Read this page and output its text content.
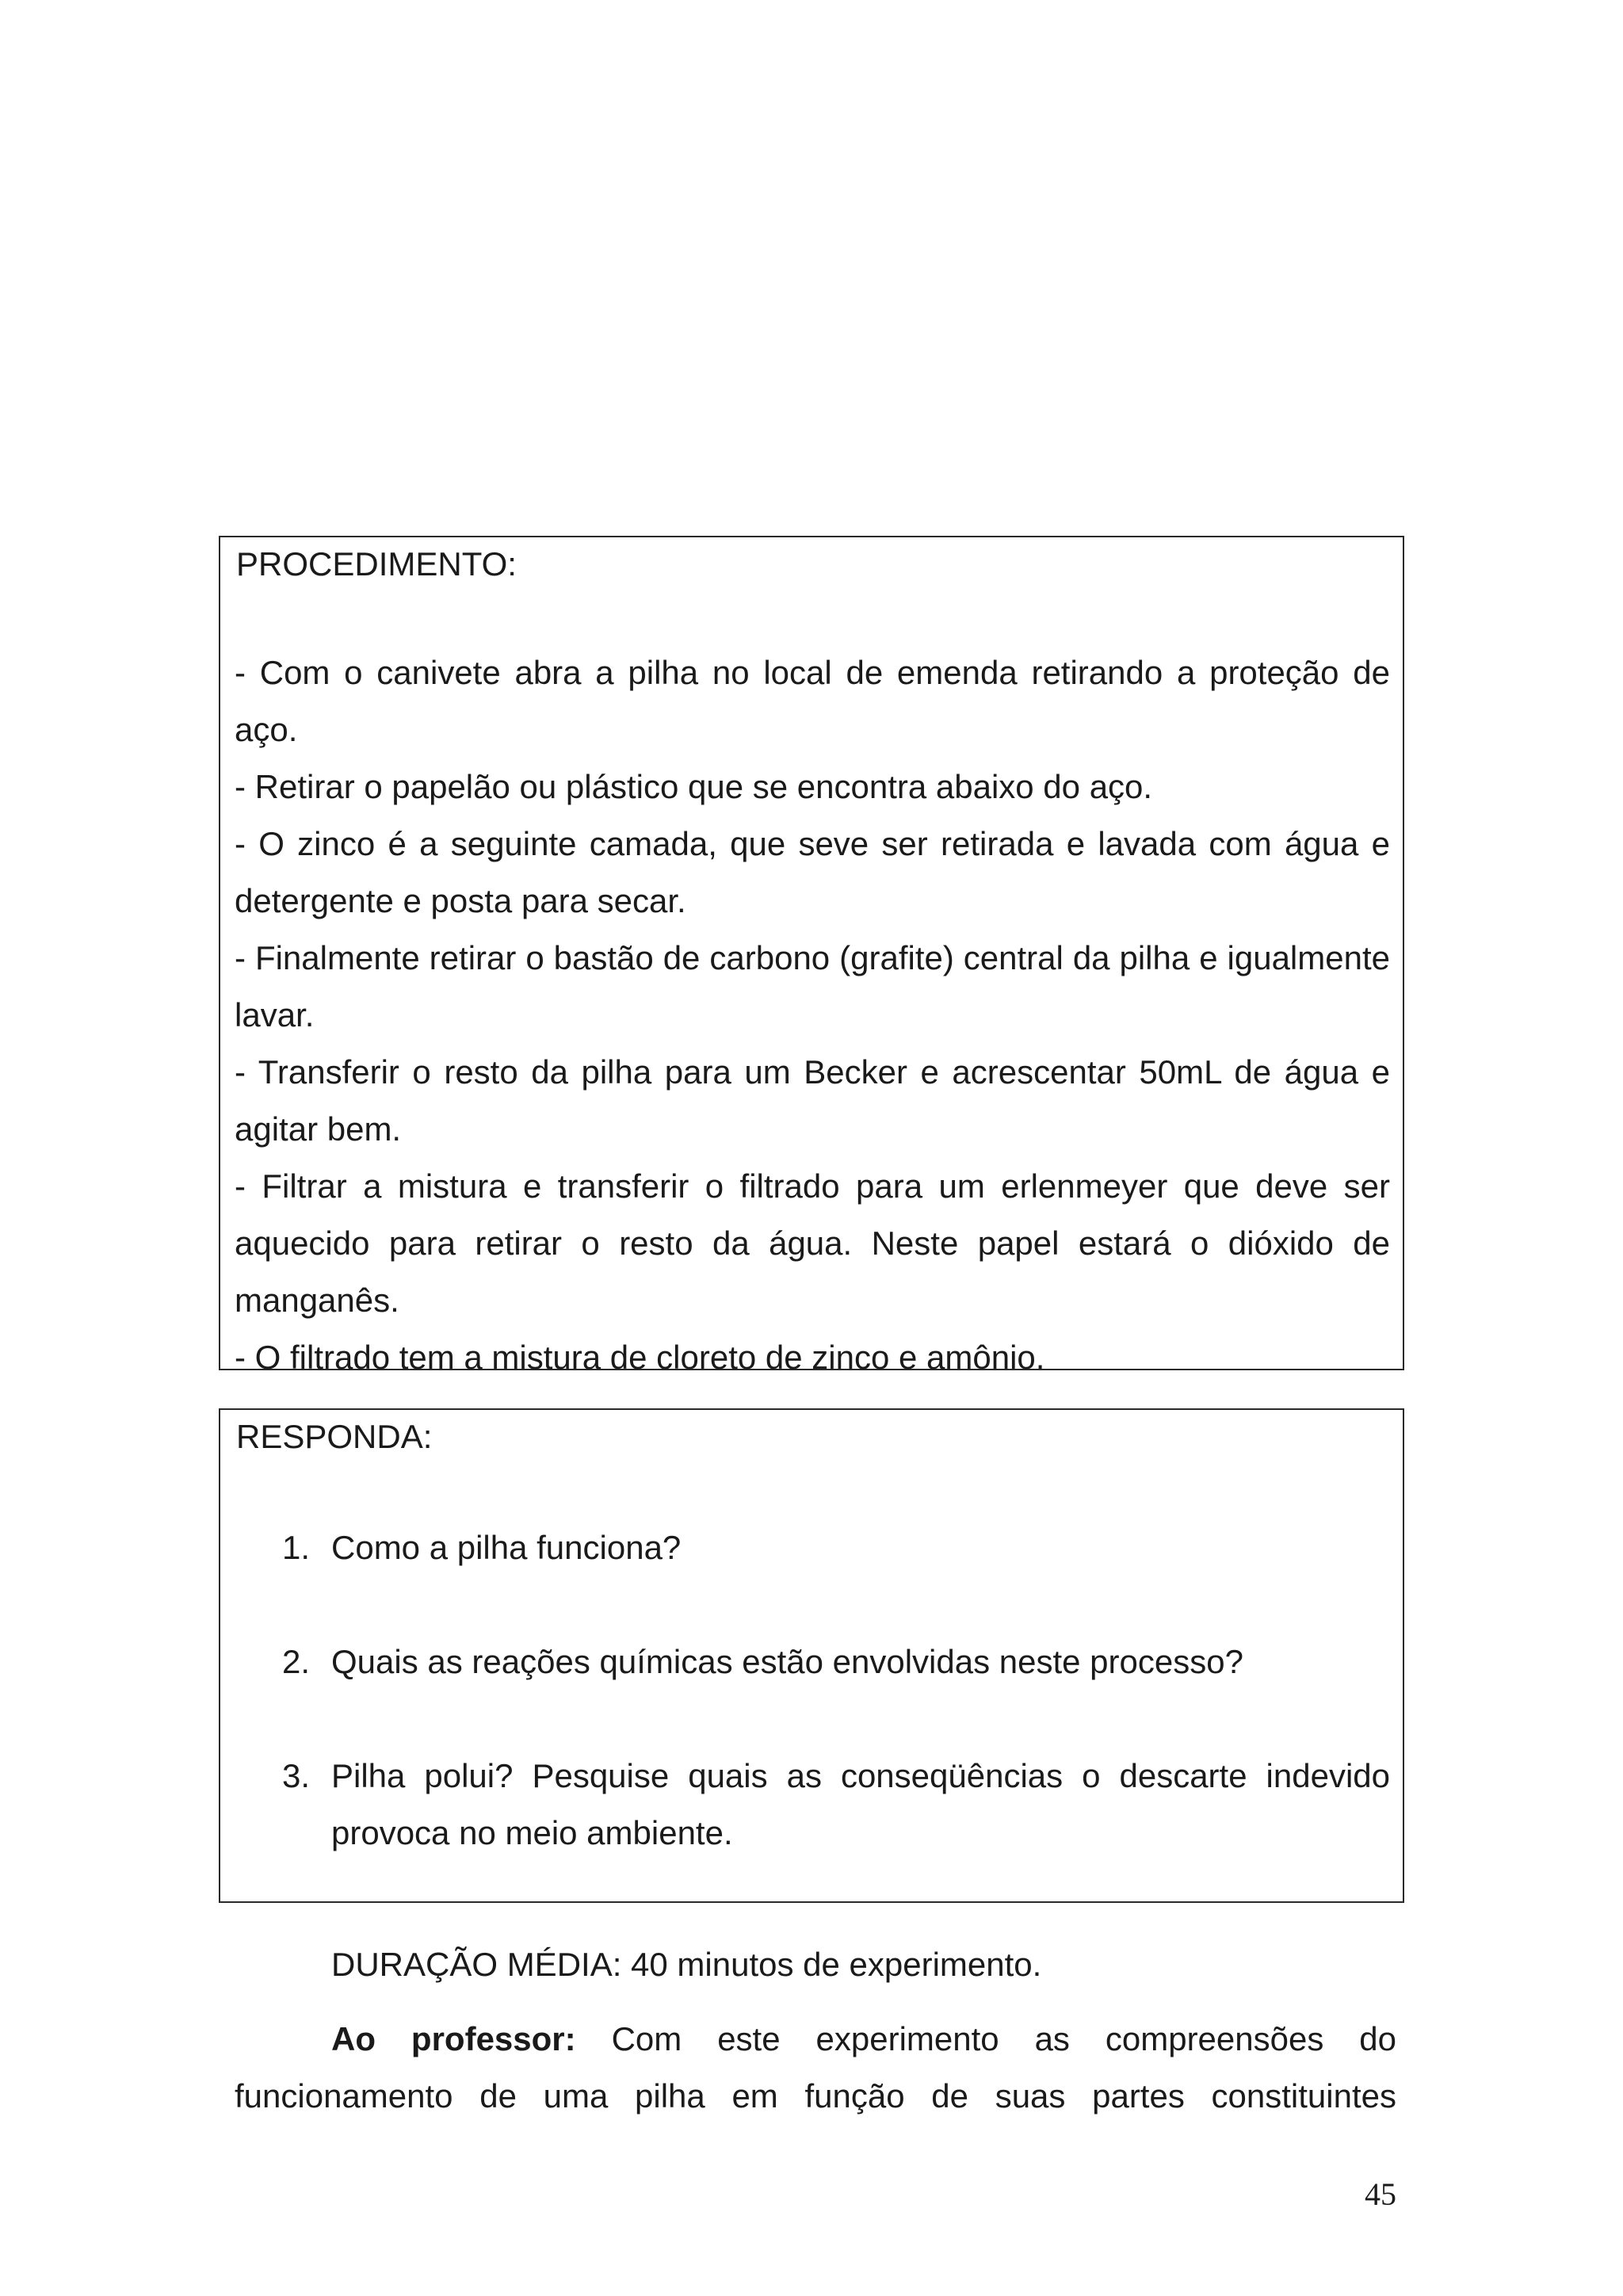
PROCEDIMENTO:

- Com o canivete abra a pilha no local de emenda retirando a proteção de aço.

- Retirar o papelão ou plástico que se encontra abaixo do aço.

- O zinco é a seguinte camada, que seve ser retirada e lavada com água e detergente e posta para secar.

- Finalmente retirar o bastão de carbono (grafite) central da pilha e igualmente lavar.

- Transferir o resto da pilha para um Becker e acrescentar 50mL de água e agitar bem.

- Filtrar a mistura e transferir o filtrado para um erlenmeyer que deve ser aquecido para retirar o resto da água. Neste papel estará o dióxido de manganês.

- O filtrado tem a mistura de cloreto de zinco e amônio.

RESPONDA:
1. Como a pilha funciona?
2. Quais as reações químicas estão envolvidas neste processo?
3. Pilha polui? Pesquise quais as conseqüências o descarte indevido provoca no meio ambiente.
DURAÇÃO MÉDIA: 40 minutos de experimento.
Ao professor: Com este experimento as compreensões do funcionamento de uma pilha em função de suas partes constituintes
45
